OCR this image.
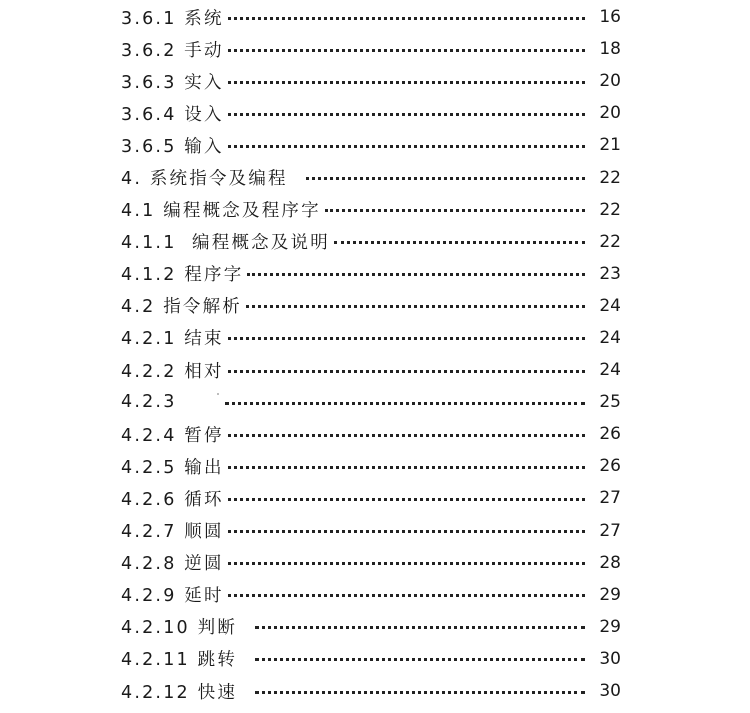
3.6.1 系统	16
3.6.2 手动	18
3.6.3 实入	20
3.6.4 设入	20
3.6.5 输入	21
4. 系统指令及编程	22
4.1 编程概念及程序字	22
4.1.1  编程概念及说明	22
4.1.2 程序字	23
4.2 指令解析	24
4.2.1 结束	24
4.2.2 相对	24
4.2.3	25
4.2.4 暂停	26
4.2.5 输出	26
4.2.6 循环	27
4.2.7 顺圆	27
4.2.8 逆圆	28
4.2.9 延时	29
4.2.10 判断	29
4.2.11 跳转	30
4.2.12 快速	30
